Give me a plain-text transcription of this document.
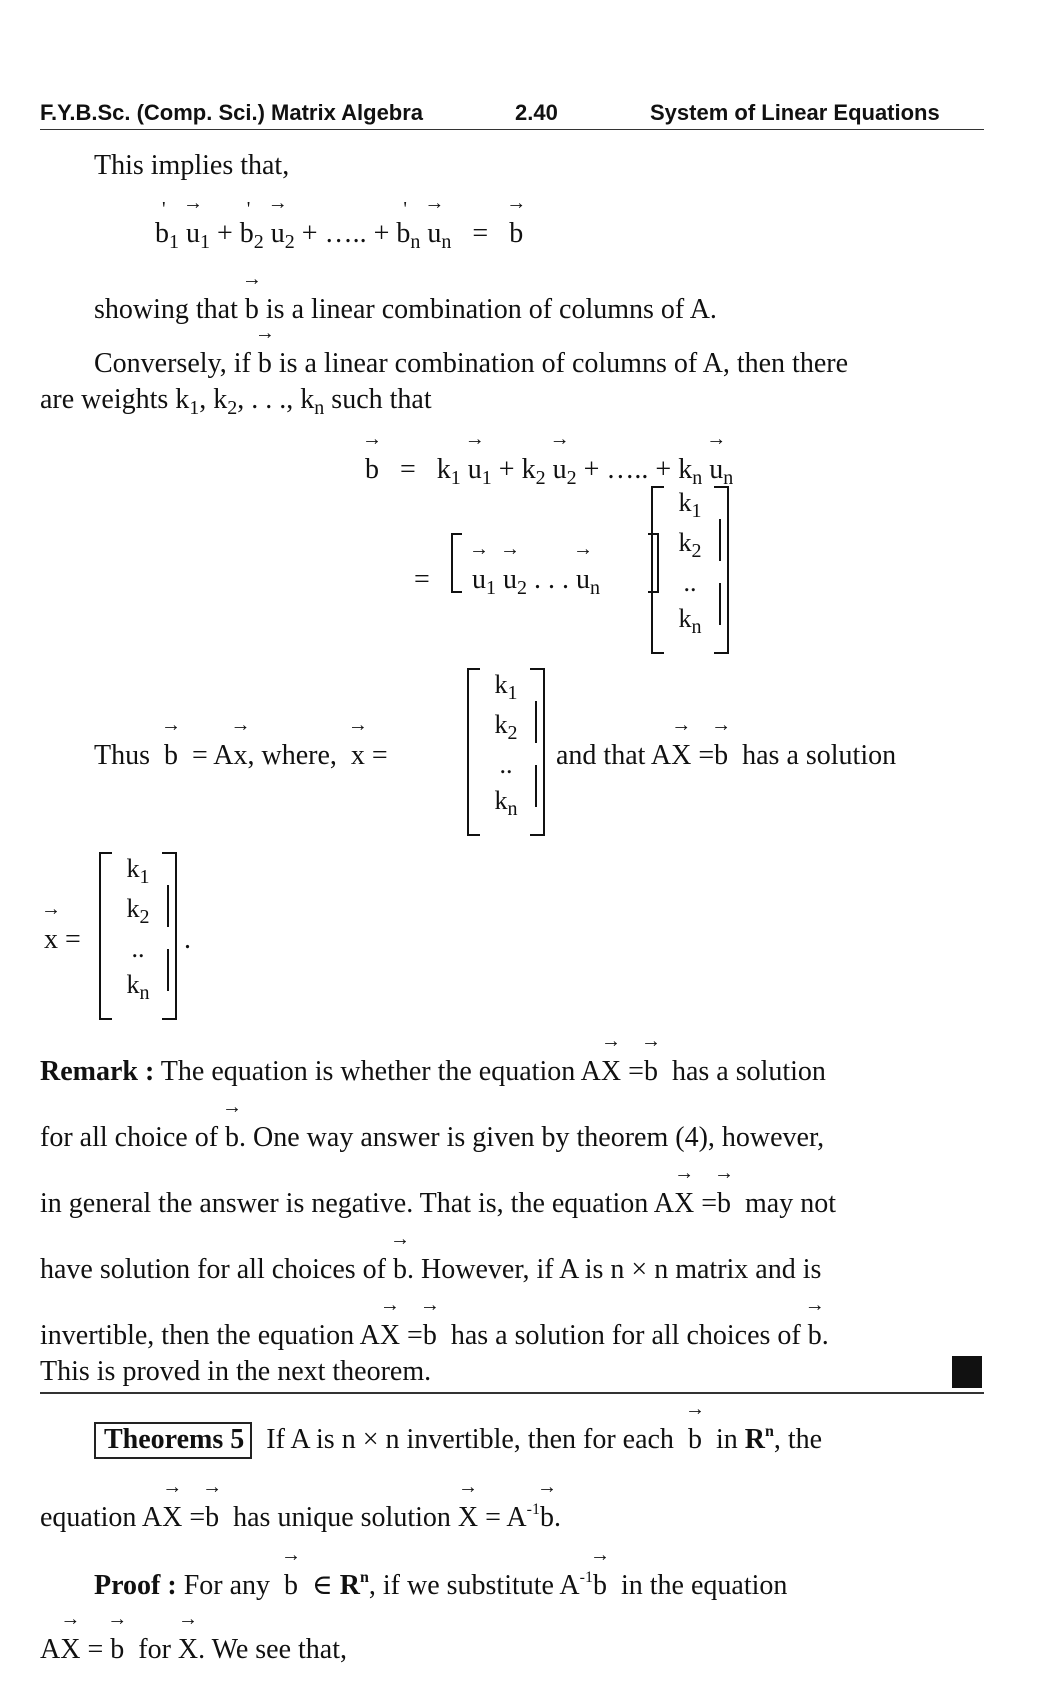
F.Y.B.Sc. (Comp. Sci.) Matrix Algebra	2.40	System of Linear Equations
This implies that,
' $b_1 \to u_1$ + ' $b_2 \to u_2$ + ….. + ' $b_n \to u_n$ = → b
showing that → b is a linear combination of columns of A.
Conversely, if → b is a linear combination of columns of A, then there
are weights $k_1$, $k_2$, . . ., $k_n$ such that
→ $b = k_1 \to u_1 + k_2 \to u_2$ + ….. + $k_n \to u_n$
= → $u_1 \to u_2$ . . . → $u_n$
$k_1$
$k_2$
..
$k_n$
Thus → b = A→ x, where, → x =
$k_1$
$k_2$
..
$k_n$
and that A→ X =→ b has a solution
→ x =
$k_1$
$k_2$
..
$k_n$
.
Remark : The equation is whether the equation A→ X =→ b has a solution
for all choice of → b. One way answer is given by theorem (4), however,
in general the answer is negative. That is, the equation A→ X =→ b may not
have solution for all choices of → b. However, if A is n × n matrix and is
invertible, then the equation A→ X =→ b has a solution for all choices of → b.
This is proved in the next theorem.
Theorems 5 If A is n × n invertible, then for each → b in $R^n$, the
equation A→ X =→ b has unique solution → $X = A^{-1}\to b$.
Proof : For any → b ∈ $R^n$, if we substitute $A^{-1}\to b$ in the equation
A→ X = → b for → X. We see that,
